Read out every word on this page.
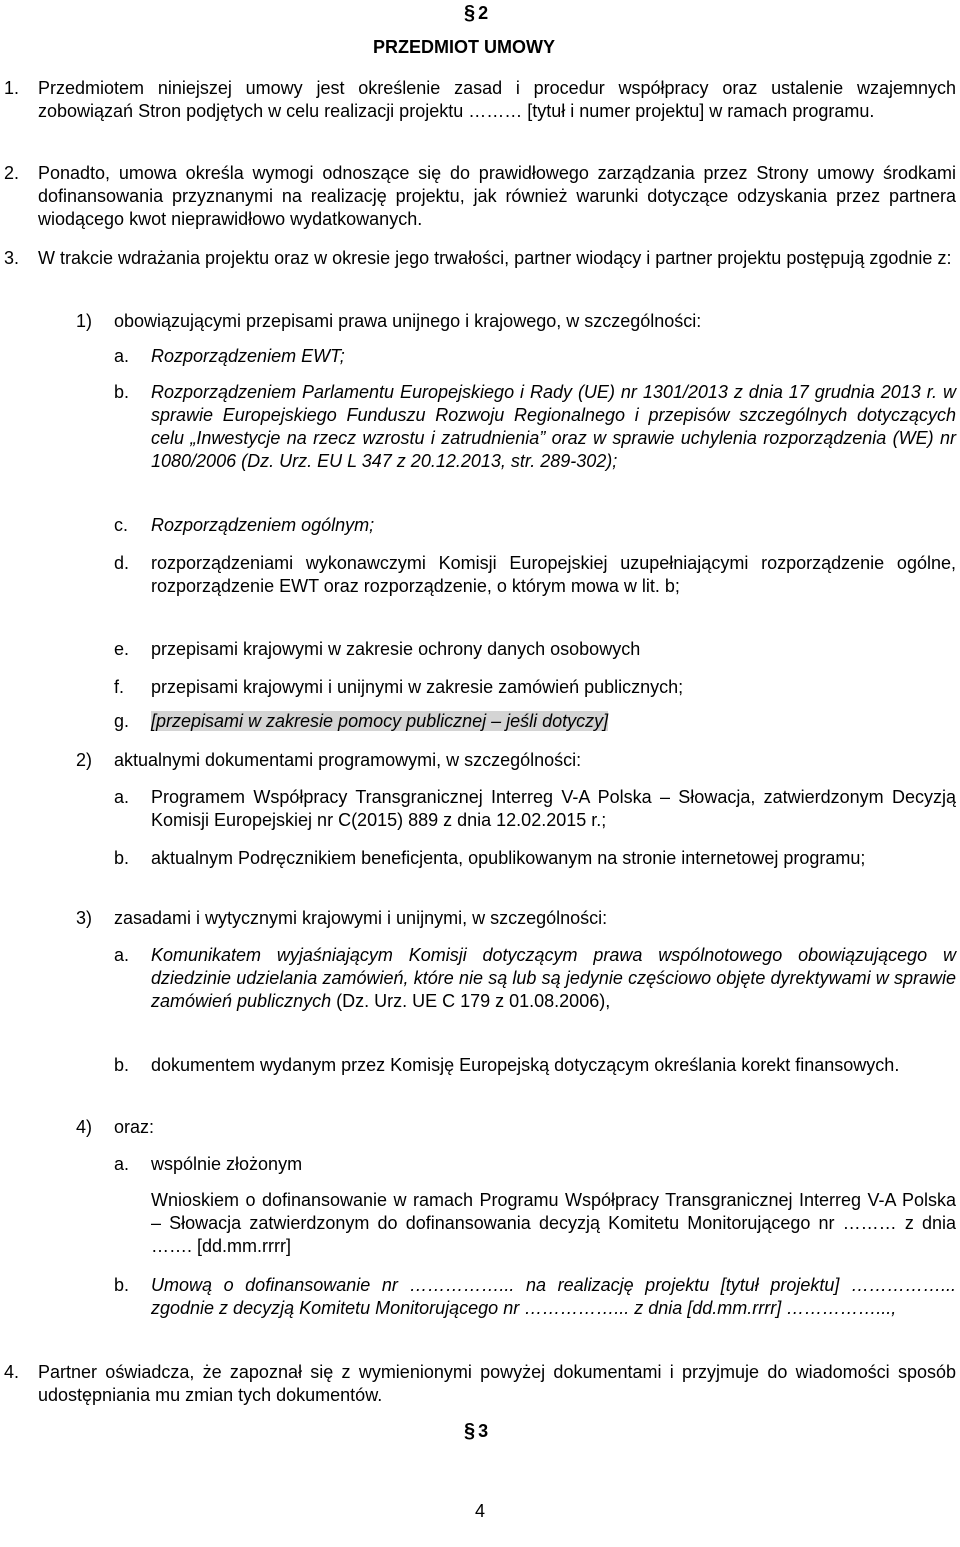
§ 2
PRZEDMIOT UMOWY
1. Przedmiotem niniejszej umowy jest określenie zasad i procedur współpracy oraz ustalenie wzajemnych zobowiązań Stron podjętych w celu realizacji projektu ……… [tytuł i numer projektu] w ramach programu.
2. Ponadto, umowa określa wymogi odnoszące się do prawidłowego zarządzania przez Strony umowy środkami dofinansowania przyznanymi na realizację projektu, jak również warunki dotyczące odzyskania przez partnera wiodącego kwot nieprawidłowo wydatkowanych.
3. W trakcie wdrażania projektu oraz w okresie jego trwałości, partner wiodący i partner projektu postępują zgodnie z:
1) obowiązującymi przepisami prawa unijnego i krajowego, w szczególności:
a. Rozporządzeniem EWT;
b. Rozporządzeniem Parlamentu Europejskiego i Rady (UE) nr 1301/2013 z dnia 17 grudnia 2013 r. w sprawie Europejskiego Funduszu Rozwoju Regionalnego i przepisów szczególnych dotyczących celu „Inwestycje na rzecz wzrostu i zatrudnienia” oraz w sprawie uchylenia rozporządzenia (WE) nr 1080/2006 (Dz. Urz. EU L 347 z 20.12.2013, str. 289-302);
c. Rozporządzeniem ogólnym;
d. rozporządzeniami wykonawczymi Komisji Europejskiej uzupełniającymi rozporządzenie ogólne, rozporządzenie EWT oraz rozporządzenie, o którym mowa w lit. b;
e. przepisami krajowymi w zakresie ochrony danych osobowych
f. przepisami krajowymi i unijnymi w zakresie zamówień publicznych;
g. [przepisami w zakresie pomocy publicznej – jeśli dotyczy]
2) aktualnymi dokumentami programowymi, w szczególności:
a. Programem Współpracy Transgranicznej Interreg V-A Polska – Słowacja, zatwierdzonym Decyzją Komisji Europejskiej nr C(2015) 889 z dnia 12.02.2015 r.;
b. aktualnym Podręcznikiem beneficjenta, opublikowanym na stronie internetowej programu;
3) zasadami i wytycznymi krajowymi i unijnymi, w szczególności:
a. Komunikatem wyjaśniającym Komisji dotyczącym prawa wspólnotowego obowiązującego w dziedzinie udzielania zamówień, które nie są lub są jedynie częściowo objęte dyrektywami w sprawie zamówień publicznych (Dz. Urz. UE C 179 z 01.08.2006),
b. dokumentem wydanym przez Komisję Europejską dotyczącym określania korekt finansowych.
4) oraz:
a. wspólnie złożonym
Wnioskiem o dofinansowanie w ramach Programu Współpracy Transgranicznej Interreg V-A Polska – Słowacja zatwierdzonym do dofinansowania decyzją Komitetu Monitorującego nr ……… z dnia ……. [dd.mm.rrrr]
b. Umową o dofinansowanie nr ……………... na realizację projektu [tytuł projektu] ……………... zgodnie z decyzją Komitetu Monitorującego nr ……………... z dnia [dd.mm.rrrr] ……………...,
4. Partner oświadcza, że zapoznał się z wymienionymi powyżej dokumentami i przyjmuje do wiadomości sposób udostępniania mu zmian tych dokumentów.
§ 3
4
